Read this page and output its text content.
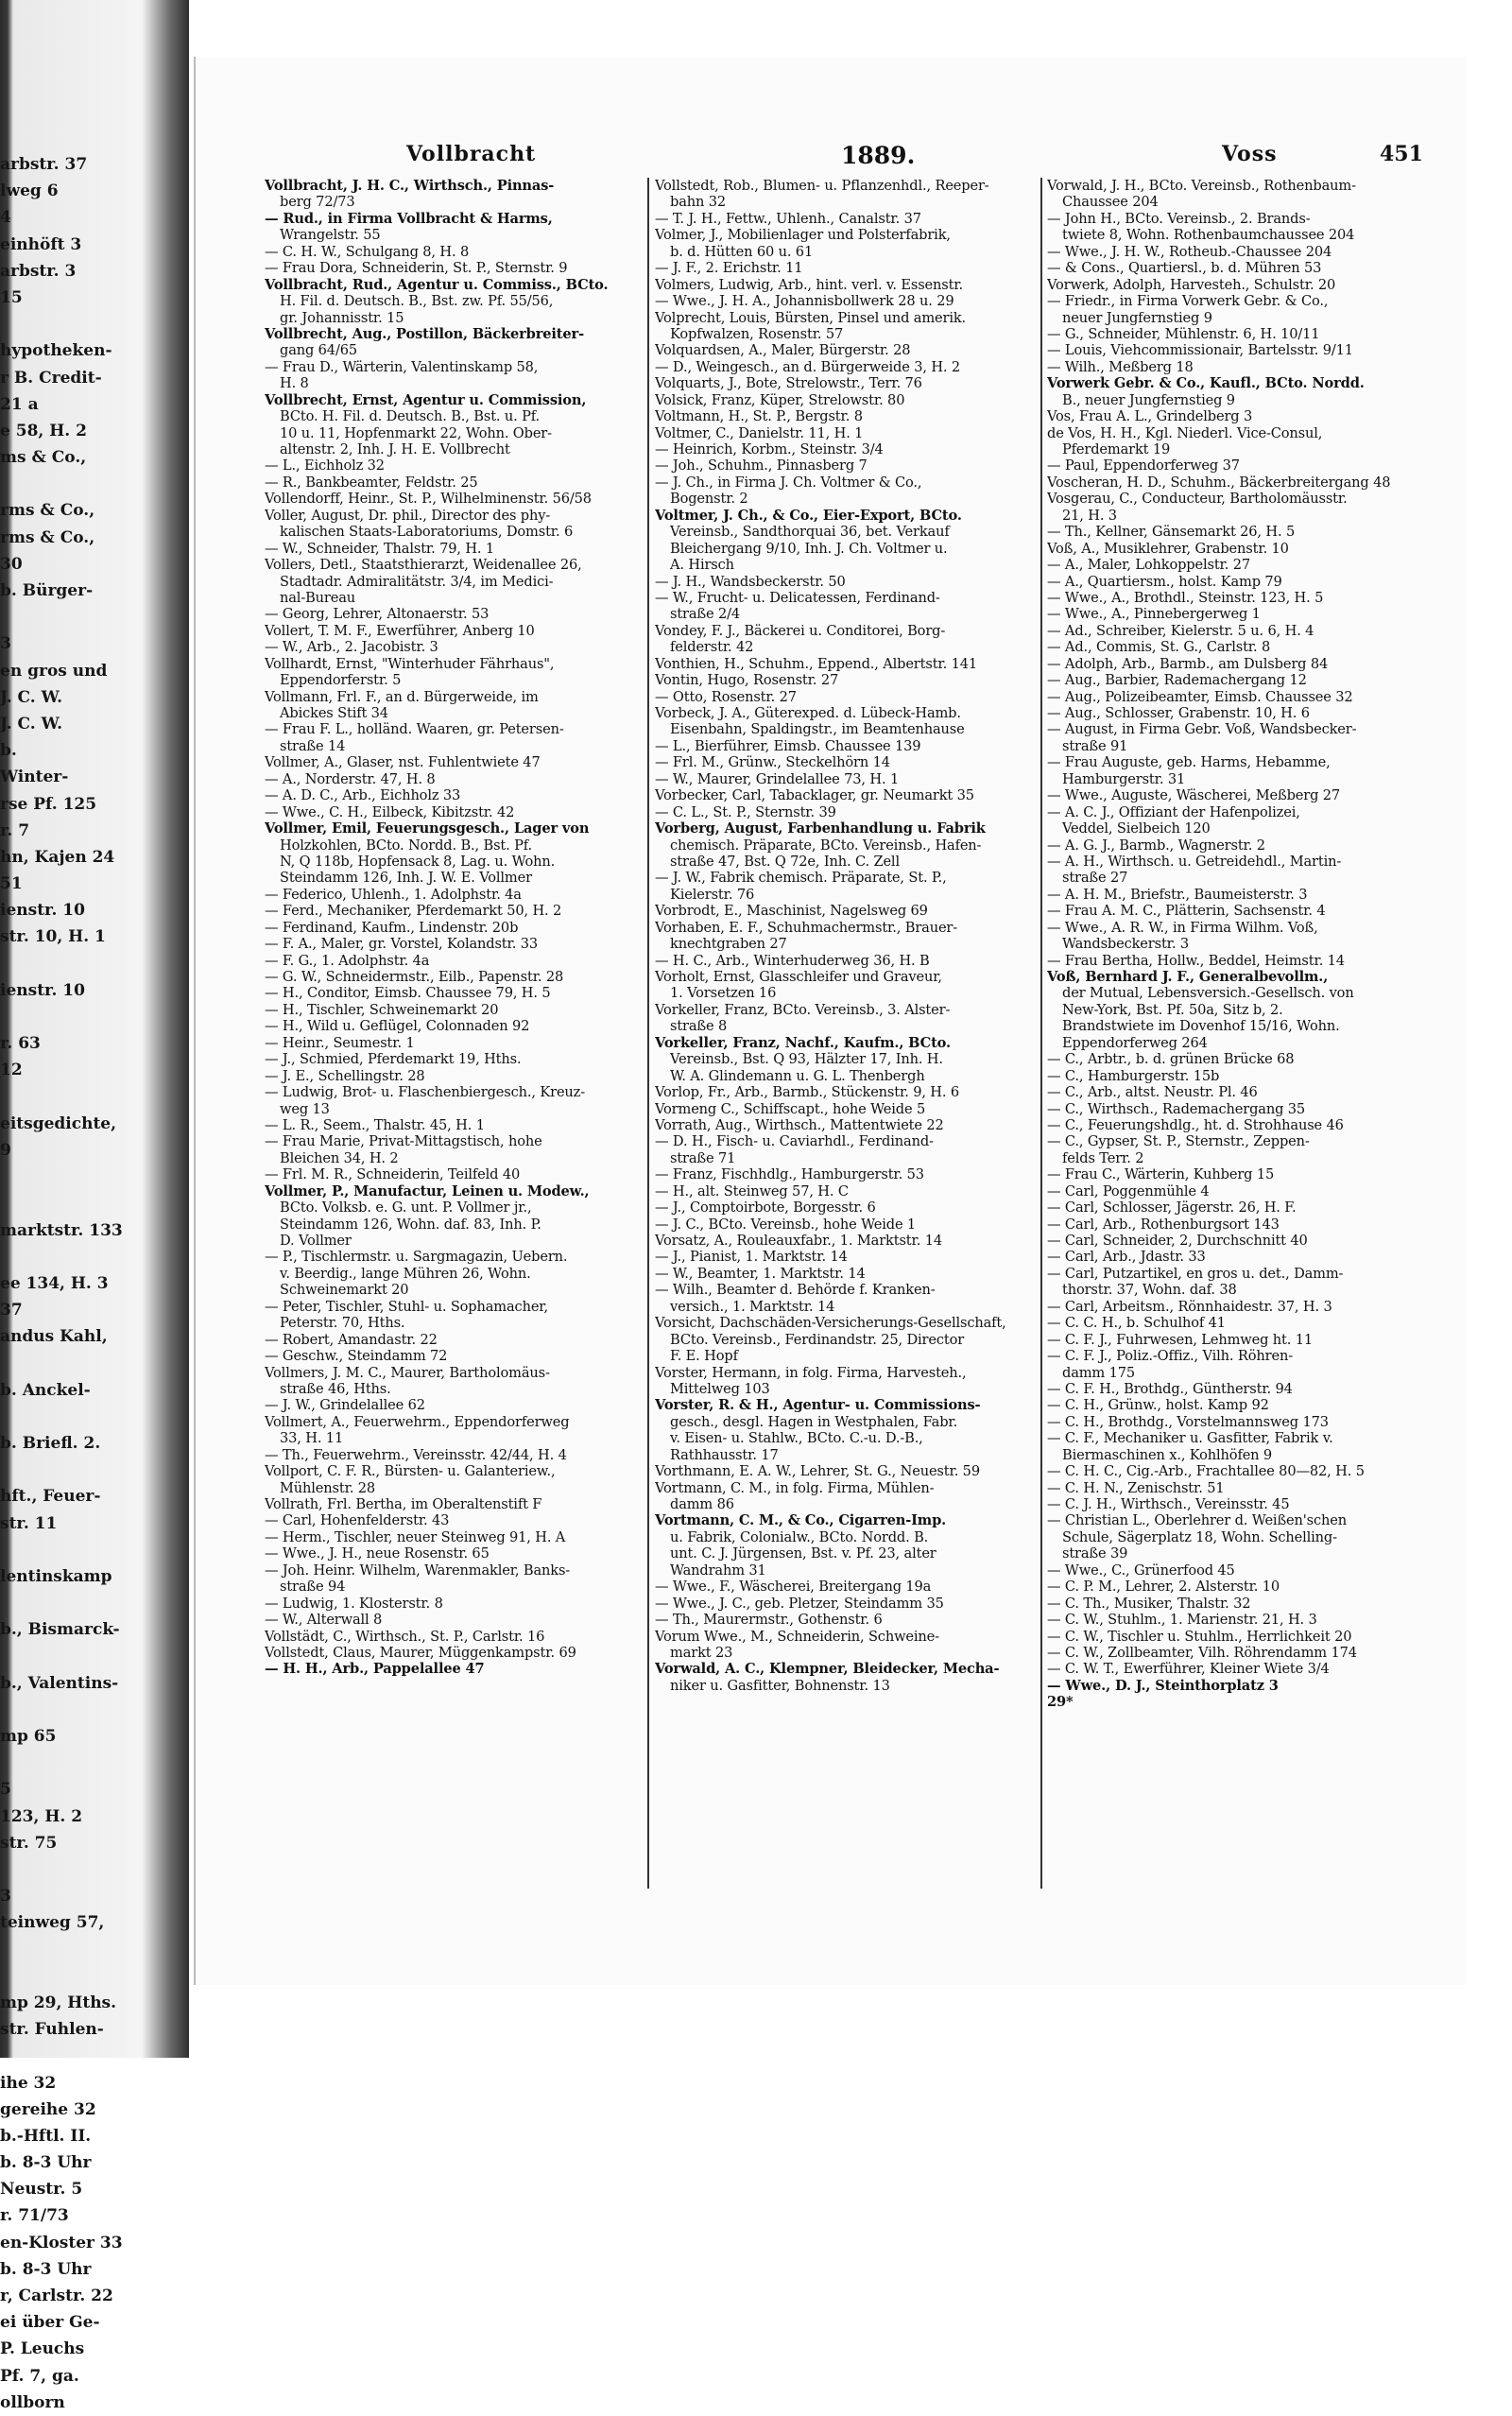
arbstr. 37
lweg 6
4
einhöft 3
arbstr. 3
15
hypotheken-
r B. Credit-
21 a
e 58, H. 2
ms & Co.,
rms & Co.,
rms & Co.,
30
b. Bürger-
3
en gros und
J. C. W.
J. C. W.
b.
Winter-
rse Pf. 125
r. 7
hn, Kajen 24
51
ienstr. 10
str. 10, H. 1
ienstr. 10
r. 63
12
eitsgedichte,
9
marktstr. 133
ee 134, H. 3
37
andus Kahl,
b. Anckel-
b. Briefl. 2.
hft., Feuer-
str. 11
lentinskamp
b., Bismarck-
b., Valentins-
mp 65
5
123, H. 2
str. 75
3
teinweg 57,
mp 29, Hths.
str. Fuhlen-
ihe 32
gereihe 32
b.-Hftl. II.
b. 8-3 Uhr
Neustr. 5
r. 71/73
en-Kloster 33
b. 8-3 Uhr
r, Carlstr. 22
ei über Ge-
P. Leuchs
Pf. 7, ga.
ollborn
Vollbracht	1889.	Voss	451
Vollbracht, J. H. C., Wirthsch., Pinnas-
berg 72/73
— Rud., in Firma Vollbracht & Harms,
Wrangelstr. 55
— C. H. W., Schulgang 8, H. 8
— Frau Dora, Schneiderin, St. P., Sternstr. 9
Vollbracht, Rud., Agentur u. Commiss., BCto.
H. Fil. d. Deutsch. B., Bst. zw. Pf. 55/56,
gr. Johannisstr. 15
Vollbrecht, Aug., Postillon, Bäckerbreiter-
gang 64/65
— Frau D., Wärterin, Valentinskamp 58,
H. 8
Vollbrecht, Ernst, Agentur u. Commission,
BCto. H. Fil. d. Deutsch. B., Bst. u. Pf.
10 u. 11, Hopfenmarkt 22, Wohn. Ober-
altenstr. 2, Inh. J. H. E. Vollbrecht
— L., Eichholz 32
— R., Bankbeamter, Feldstr. 25
Vollendorff, Heinr., St. P., Wilhelminenstr. 56/58
Voller, August, Dr. phil., Director des phy-
kalischen Staats-Laboratoriums, Domstr. 6
— W., Schneider, Thalstr. 79, H. 1
Vollers, Detl., Staatsthierarzt, Weidenallee 26,
Stadtadr. Admiralitätstr. 3/4, im Medici-
nal-Bureau
— Georg, Lehrer, Altonaerstr. 53
Vollert, T. M. F., Ewerführer, Anberg 10
— W., Arb., 2. Jacobistr. 3
Vollhardt, Ernst, "Winterhuder Fährhaus",
Eppendorferstr. 5
Vollmann, Frl. F., an d. Bürgerweide, im
Abickes Stift 34
— Frau F. L., holländ. Waaren, gr. Petersen-
straße 14
Vollmer, A., Glaser, nst. Fuhlentwiete 47
— A., Norderstr. 47, H. 8
— A. D. C., Arb., Eichholz 33
— Wwe., C. H., Eilbeck, Kibitzstr. 42
Vollmer, Emil, Feuerungsgesch., Lager von
Holzkohlen, BCto. Nordd. B., Bst. Pf.
N, Q 118b, Hopfensack 8, Lag. u. Wohn.
Steindamm 126, Inh. J. W. E. Vollmer
— Federico, Uhlenh., 1. Adolphstr. 4a
— Ferd., Mechaniker, Pferdemarkt 50, H. 2
— Ferdinand, Kaufm., Lindenstr. 20b
— F. A., Maler, gr. Vorstel, Kolandstr. 33
— F. G., 1. Adolphstr. 4a
— G. W., Schneidermstr., Eilb., Papenstr. 28
— H., Conditor, Eimsb. Chaussee 79, H. 5
— H., Tischler, Schweinemarkt 20
— H., Wild u. Geflügel, Colonnaden 92
— Heinr., Seumestr. 1
— J., Schmied, Pferdemarkt 19, Hths.
— J. E., Schellingstr. 28
— Ludwig, Brot- u. Flaschenbiergesch., Kreuz-
weg 13
— L. R., Seem., Thalstr. 45, H. 1
— Frau Marie, Privat-Mittagstisch, hohe
Bleichen 34, H. 2
— Frl. M. R., Schneiderin, Teilfeld 40
Vollmer, P., Manufactur, Leinen u. Modew.,
BCto. Volksb. e. G. unt. P. Vollmer jr.,
Steindamm 126, Wohn. daf. 83, Inh. P.
D. Vollmer
— P., Tischlermstr. u. Sargmagazin, Uebern.
v. Beerdig., lange Mühren 26, Wohn.
Schweinemarkt 20
— Peter, Tischler, Stuhl- u. Sophamacher,
Peterstr. 70, Hths.
— Robert, Amandastr. 22
— Geschw., Steindamm 72
Vollmers, J. M. C., Maurer, Bartholomäus-
straße 46, Hths.
— J. W., Grindelallee 62
Vollmert, A., Feuerwehrm., Eppendorferweg
33, H. 11
— Th., Feuerwehrm., Vereinsstr. 42/44, H. 4
Vollport, C. F. R., Bürsten- u. Galanteriew.,
Mühlenstr. 28
Vollrath, Frl. Bertha, im Oberaltenstift F
— Carl, Hohenfelderstr. 43
— Herm., Tischler, neuer Steinweg 91, H. A
— Wwe., J. H., neue Rosenstr. 65
— Joh. Heinr. Wilhelm, Warenmakler, Banks-
straße 94
— Ludwig, 1. Klosterstr. 8
— W., Alterwall 8
Vollstädt, C., Wirthsch., St. P., Carlstr. 16
Vollstedt, Claus, Maurer, Müggenkampstr. 69
— H. H., Arb., Pappelallee 47
Vollstedt, Rob., Blumen- u. Pflanzenhdl., Reeper-
bahn 32
— T. J. H., Fettw., Uhlenh., Canalstr. 37
Volmer, J., Mobilienlager und Polsterfabrik,
b. d. Hütten 60 u. 61
— J. F., 2. Erichstr. 11
Volmers, Ludwig, Arb., hint. verl. v. Essenstr.
— Wwe., J. H. A., Johannisbollwerk 28 u. 29
Volprecht, Louis, Bürsten, Pinsel und amerik.
Kopfwalzen, Rosenstr. 57
Volquardsen, A., Maler, Bürgerstr. 28
— D., Weingesch., an d. Bürgerweide 3, H. 2
Volquarts, J., Bote, Strelowstr., Terr. 76
Volsick, Franz, Küper, Strelowstr. 80
Voltmann, H., St. P., Bergstr. 8
Voltmer, C., Danielstr. 11, H. 1
— Heinrich, Korbm., Steinstr. 3/4
— Joh., Schuhm., Pinnasberg 7
— J. Ch., in Firma J. Ch. Voltmer & Co.,
Bogenstr. 2
Voltmer, J. Ch., & Co., Eier-Export, BCto.
Vereinsb., Sandthorquai 36, bet. Verkauf
Bleichergang 9/10, Inh. J. Ch. Voltmer u.
A. Hirsch
— J. H., Wandsbeckerstr. 50
— W., Frucht- u. Delicatessen, Ferdinand-
straße 2/4
Vondey, F. J., Bäckerei u. Conditorei, Borg-
felderstr. 42
Vonthien, H., Schuhm., Eppend., Albertstr. 141
Vontin, Hugo, Rosenstr. 27
— Otto, Rosenstr. 27
Vorbeck, J. A., Güterexped. d. Lübeck-Hamb.
Eisenbahn, Spaldingstr., im Beamtenhause
— L., Bierführer, Eimsb. Chaussee 139
— Frl. M., Grünw., Steckelhörn 14
— W., Maurer, Grindelallee 73, H. 1
Vorbecker, Carl, Tabacklager, gr. Neumarkt 35
— C. L., St. P., Sternstr. 39
Vorberg, August, Farbenhandlung u. Fabrik
chemisch. Präparate, BCto. Vereinsb., Hafen-
straße 47, Bst. Q 72e, Inh. C. Zell
— J. W., Fabrik chemisch. Präparate, St. P.,
Kielerstr. 76
Vorbrodt, E., Maschinist, Nagelsweg 69
Vorhaben, E. F., Schuhmachermstr., Brauer-
knechtgraben 27
— H. C., Arb., Winterhuderweg 36, H. B
Vorholt, Ernst, Glasschleifer und Graveur,
1. Vorsetzen 16
Vorkeller, Franz, BCto. Vereinsb., 3. Alster-
straße 8
Vorkeller, Franz, Nachf., Kaufm., BCto.
Vereinsb., Bst. Q 93, Hälzter 17, Inh. H.
W. A. Glindemann u. G. L. Thenbergh
Vorlop, Fr., Arb., Barmb., Stückenstr. 9, H. 6
Vormeng C., Schiffscapt., hohe Weide 5
Vorrath, Aug., Wirthsch., Mattentwiete 22
— D. H., Fisch- u. Caviarhdl., Ferdinand-
straße 71
— Franz, Fischhdlg., Hamburgerstr. 53
— H., alt. Steinweg 57, H. C
— J., Comptoirbote, Borgesstr. 6
— J. C., BCto. Vereinsb., hohe Weide 1
Vorsatz, A., Rouleauxfabr., 1. Marktstr. 14
— J., Pianist, 1. Marktstr. 14
— W., Beamter, 1. Marktstr. 14
— Wilh., Beamter d. Behörde f. Kranken-
versich., 1. Marktstr. 14
Vorsicht, Dachschäden-Versicherungs-Gesellschaft,
BCto. Vereinsb., Ferdinandstr. 25, Director
F. E. Hopf
Vorster, Hermann, in folg. Firma, Harvesteh.,
Mittelweg 103
Vorster, R. & H., Agentur- u. Commissions-
gesch., desgl. Hagen in Westphalen, Fabr.
v. Eisen- u. Stahlw., BCto. C.-u. D.-B.,
Rathhausstr. 17
Vorthmann, E. A. W., Lehrer, St. G., Neuestr. 59
Vortmann, C. M., in folg. Firma, Mühlen-
damm 86
Vortmann, C. M., & Co., Cigarren-Imp.
u. Fabrik, Colonialw., BCto. Nordd. B.
unt. C. J. Jürgensen, Bst. v. Pf. 23, alter
Wandrahm 31
— Wwe., F., Wäscherei, Breitergang 19a
— Wwe., J. C., geb. Pletzer, Steindamm 35
— Th., Maurermstr., Gothenstr. 6
Vorum Wwe., M., Schneiderin, Schweine-
markt 23
Vorwald, A. C., Klempner, Bleidecker, Mecha-
niker u. Gasfitter, Bohnenstr. 13
Vorwald, J. H., BCto. Vereinsb., Rothenbaum-
Chaussee 204
— John H., BCto. Vereinsb., 2. Brands-
twiete 8, Wohn. Rothenbaumchaussee 204
— Wwe., J. H. W., Rotheub.-Chaussee 204
— & Cons., Quartiersl., b. d. Mühren 53
Vorwerk, Adolph, Harvesteh., Schulstr. 20
— Friedr., in Firma Vorwerk Gebr. & Co.,
neuer Jungfernstieg 9
— G., Schneider, Mühlenstr. 6, H. 10/11
— Louis, Viehcommissionair, Bartelsstr. 9/11
— Wilh., Meßberg 18
Vorwerk Gebr. & Co., Kaufl., BCto. Nordd.
B., neuer Jungfernstieg 9
Vos, Frau A. L., Grindelberg 3
de Vos, H. H., Kgl. Niederl. Vice-Consul,
Pferdemarkt 19
— Paul, Eppendorferweg 37
Voscheran, H. D., Schuhm., Bäckerbreitergang 48
Vosgerau, C., Conducteur, Bartholomäusstr.
21, H. 3
— Th., Kellner, Gänsemarkt 26, H. 5
Voß, A., Musiklehrer, Grabenstr. 10
— A., Maler, Lohkoppelstr. 27
— A., Quartiersm., holst. Kamp 79
— Wwe., A., Brothdl., Steinstr. 123, H. 5
— Wwe., A., Pinnebergerweg 1
— Ad., Schreiber, Kielerstr. 5 u. 6, H. 4
— Ad., Commis, St. G., Carlstr. 8
— Adolph, Arb., Barmb., am Dulsberg 84
— Aug., Barbier, Rademachergang 12
— Aug., Polizeibeamter, Eimsb. Chaussee 32
— Aug., Schlosser, Grabenstr. 10, H. 6
— August, in Firma Gebr. Voß, Wandsbecker-
straße 91
— Frau Auguste, geb. Harms, Hebamme,
Hamburgerstr. 31
— Wwe., Auguste, Wäscherei, Meßberg 27
— A. C. J., Offiziant der Hafenpolizei,
Veddel, Sielbeich 120
— A. G. J., Barmb., Wagnerstr. 2
— A. H., Wirthsch. u. Getreidehdl., Martin-
straße 27
— A. H. M., Briefstr., Baumeisterstr. 3
— Frau A. M. C., Plätterin, Sachsenstr. 4
— Wwe., A. R. W., in Firma Wilhm. Voß,
Wandsbeckerstr. 3
— Frau Bertha, Hollw., Beddel, Heimstr. 14
Voß, Bernhard J. F., Generalbevollm.,
der Mutual, Lebensversich.-Gesellsch. von
New-York, Bst. Pf. 50a, Sitz b, 2.
Brandstwiete im Dovenhof 15/16, Wohn.
Eppendorferweg 264
— C., Arbtr., b. d. grünen Brücke 68
— C., Hamburgerstr. 15b
— C., Arb., altst. Neustr. Pl. 46
— C., Wirthsch., Rademachergang 35
— C., Feuerungshdlg., ht. d. Strohhause 46
— C., Gypser, St. P., Sternstr., Zeppen-
felds Terr. 2
— Frau C., Wärterin, Kuhberg 15
— Carl, Poggenmühle 4
— Carl, Schlosser, Jägerstr. 26, H. F.
— Carl, Arb., Rothenburgsort 143
— Carl, Schneider, 2, Durchschnitt 40
— Carl, Arb., Jdastr. 33
— Carl, Putzartikel, en gros u. det., Damm-
thorstr. 37, Wohn. daf. 38
— Carl, Arbeitsm., Rönnhaidestr. 37, H. 3
— C. C. H., b. Schulhof 41
— C. F. J., Fuhrwesen, Lehmweg ht. 11
— C. F. J., Poliz.-Offiz., Vilh. Röhren-
damm 175
— C. F. H., Brothdg., Güntherstr. 94
— C. H., Grünw., holst. Kamp 92
— C. H., Brothdg., Vorstelmannsweg 173
— C. F., Mechaniker u. Gasfitter, Fabrik v.
Biermaschinen x., Kohlhöfen 9
— C. H. C., Cig.-Arb., Frachtallee 80—82, H. 5
— C. H. N., Zenischstr. 51
— C. J. H., Wirthsch., Vereinsstr. 45
— Christian L., Oberlehrer d. Weißen'schen
Schule, Sägerplatz 18, Wohn. Schelling-
straße 39
— Wwe., C., Grünerfood 45
— C. P. M., Lehrer, 2. Alsterstr. 10
— C. Th., Musiker, Thalstr. 32
— C. W., Stuhlm., 1. Marienstr. 21, H. 3
— C. W., Tischler u. Stuhlm., Herrlichkeit 20
— C. W., Zollbeamter, Vilh. Röhrendamm 174
— C. W. T., Ewerführer, Kleiner Wiete 3/4
— Wwe., D. J., Steinthorplatz 3
29*
